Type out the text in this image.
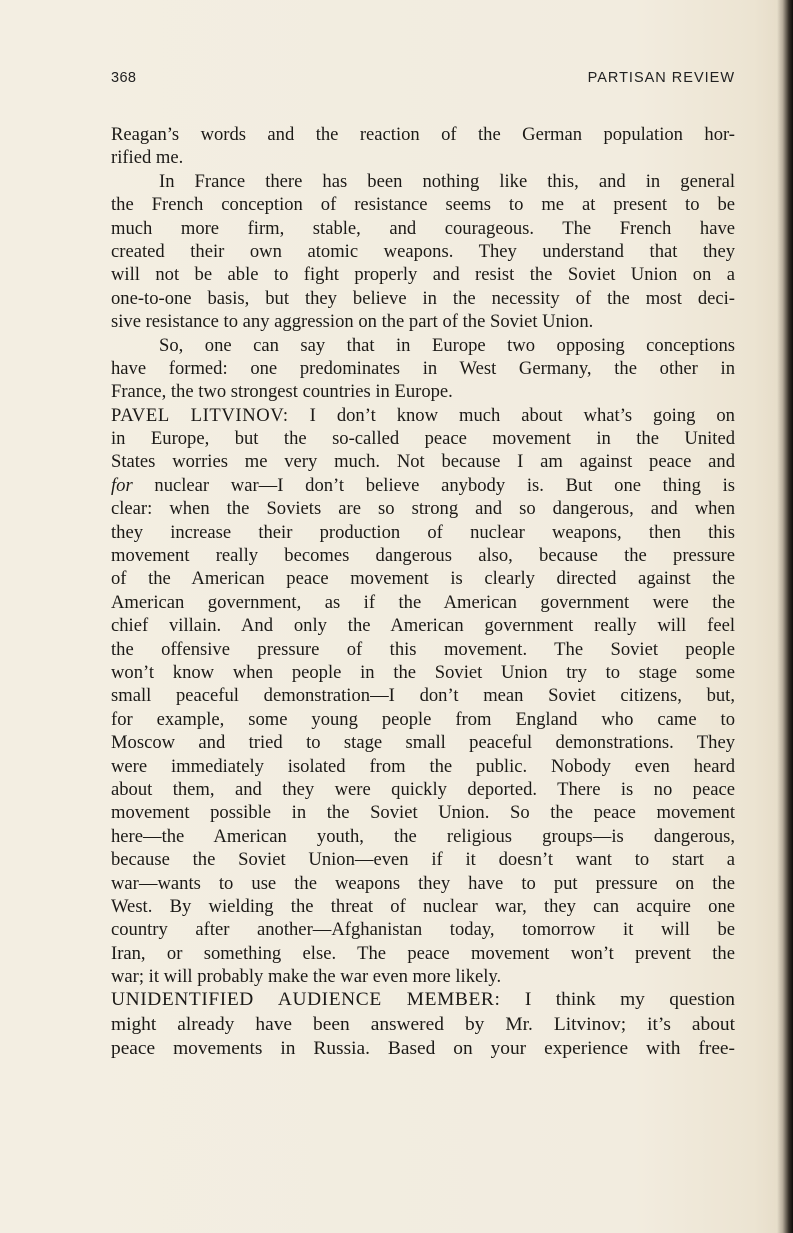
368	PARTISAN REVIEW
Reagan’s words and the reaction of the German population hor-
rified me.
In France there has been nothing like this, and in general
the French conception of resistance seems to me at present to be
much more firm, stable, and courageous. The French have
created their own atomic weapons. They understand that they
will not be able to fight properly and resist the Soviet Union on a
one-to-one basis, but they believe in the necessity of the most deci-
sive resistance to any aggression on the part of the Soviet Union.
So, one can say that in Europe two opposing conceptions
have formed: one predominates in West Germany, the other in
France, the two strongest countries in Europe.
PAVEL LITVINOV: I don’t know much about what’s going on
in Europe, but the so-called peace movement in the United
States worries me very much. Not because I am against peace and
for nuclear war—I don’t believe anybody is. But one thing is
clear: when the Soviets are so strong and so dangerous, and when
they increase their production of nuclear weapons, then this
movement really becomes dangerous also, because the pressure
of the American peace movement is clearly directed against the
American government, as if the American government were the
chief villain. And only the American government really will feel
the offensive pressure of this movement. The Soviet people
won’t know when people in the Soviet Union try to stage some
small peaceful demonstration—I don’t mean Soviet citizens, but,
for example, some young people from England who came to
Moscow and tried to stage small peaceful demonstrations. They
were immediately isolated from the public. Nobody even heard
about them, and they were quickly deported. There is no peace
movement possible in the Soviet Union. So the peace movement
here—the American youth, the religious groups—is dangerous,
because the Soviet Union—even if it doesn’t want to start a
war—wants to use the weapons they have to put pressure on the
West. By wielding the threat of nuclear war, they can acquire one
country after another—Afghanistan today, tomorrow it will be
Iran, or something else. The peace movement won’t prevent the
war; it will probably make the war even more likely.
UNIDENTIFIED AUDIENCE MEMBER: I think my question
might already have been answered by Mr. Litvinov; it’s about
peace movements in Russia. Based on your experience with free-
